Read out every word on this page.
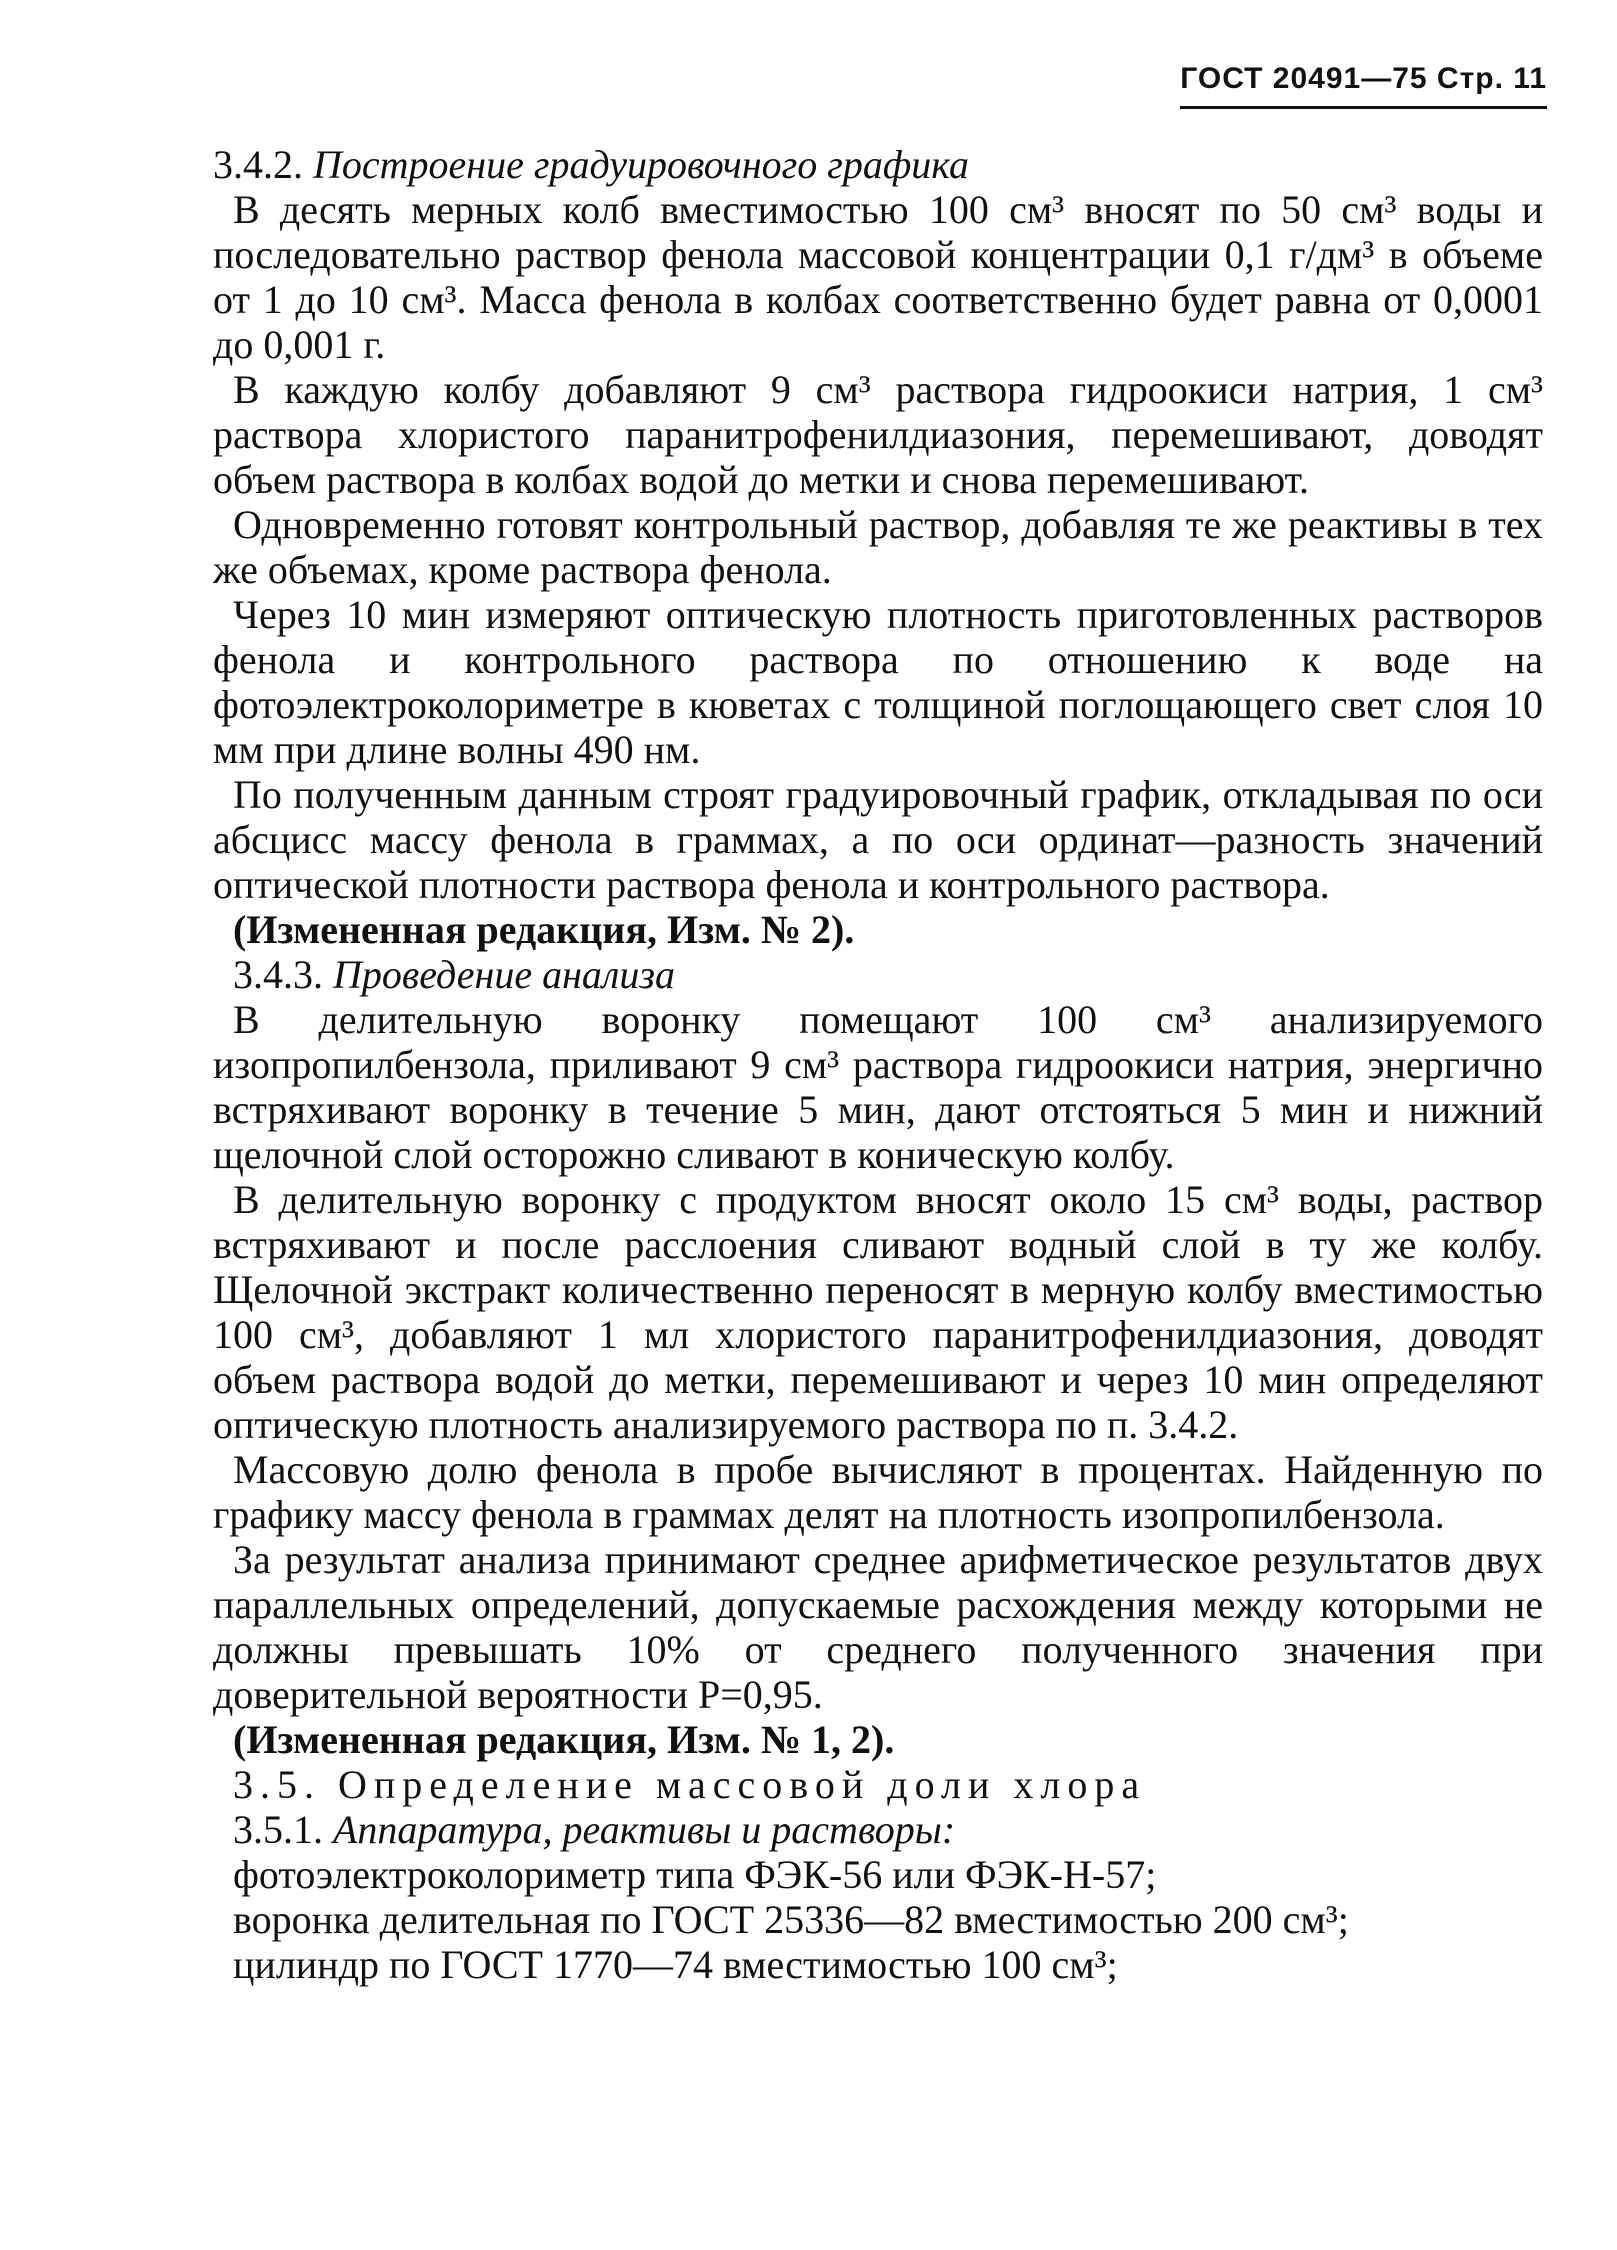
ГОСТ 20491—75 Стр. 11

3.4.2. Построение градуировочного графика

В десять мерных колб вместимостью 100 см³ вносят по 50 см³ воды и последовательно раствор фенола массовой концентрации 0,1 г/дм³ в объеме от 1 до 10 см³. Масса фенола в колбах соответственно будет равна от 0,0001 до 0,001 г.

В каждую колбу добавляют 9 см³ раствора гидроокиси натрия, 1 см³ раствора хлористого паранитрофенилдиазония, перемешивают, доводят объем раствора в колбах водой до метки и снова перемешивают.

Одновременно готовят контрольный раствор, добавляя те же реактивы в тех же объемах, кроме раствора фенола.

Через 10 мин измеряют оптическую плотность приготовленных растворов фенола и контрольного раствора по отношению к воде на фотоэлектроколориметре в кюветах с толщиной поглощающего свет слоя 10 мм при длине волны 490 нм.

По полученным данным строят градуировочный график, откладывая по оси абсцисс массу фенола в граммах, а по оси ординат—разность значений оптической плотности раствора фенола и контрольного раствора.

(Измененная редакция, Изм. № 2).

3.4.3. Проведение анализа

В делительную воронку помещают 100 см³ анализируемого изопропилбензола, приливают 9 см³ раствора гидроокиси натрия, энергично встряхивают воронку в течение 5 мин, дают отстояться 5 мин и нижний щелочной слой осторожно сливают в коническую колбу.

В делительную воронку с продуктом вносят около 15 см³ воды, раствор встряхивают и после расслоения сливают водный слой в ту же колбу. Щелочной экстракт количественно переносят в мерную колбу вместимостью 100 см³, добавляют 1 мл хлористого паранитрофенилдиазония, доводят объем раствора водой до метки, перемешивают и через 10 мин определяют оптическую плотность анализируемого раствора по п. 3.4.2.

Массовую долю фенола в пробе вычисляют в процентах. Найденную по графику массу фенола в граммах делят на плотность изопропилбензола.

За результат анализа принимают среднее арифметическое результатов двух параллельных определений, допускаемые расхождения между которыми не должны превышать 10% от среднего полученного значения при доверительной вероятности Р=0,95.

(Измененная редакция, Изм. № 1, 2).

3.5. Определение массовой доли хлора

3.5.1. Аппаратура, реактивы и растворы:

фотоэлектроколориметр типа ФЭК-56 или ФЭК-Н-57;

воронка делительная по ГОСТ 25336—82 вместимостью 200 см³;

цилиндр по ГОСТ 1770—74 вместимостью 100 см³;
